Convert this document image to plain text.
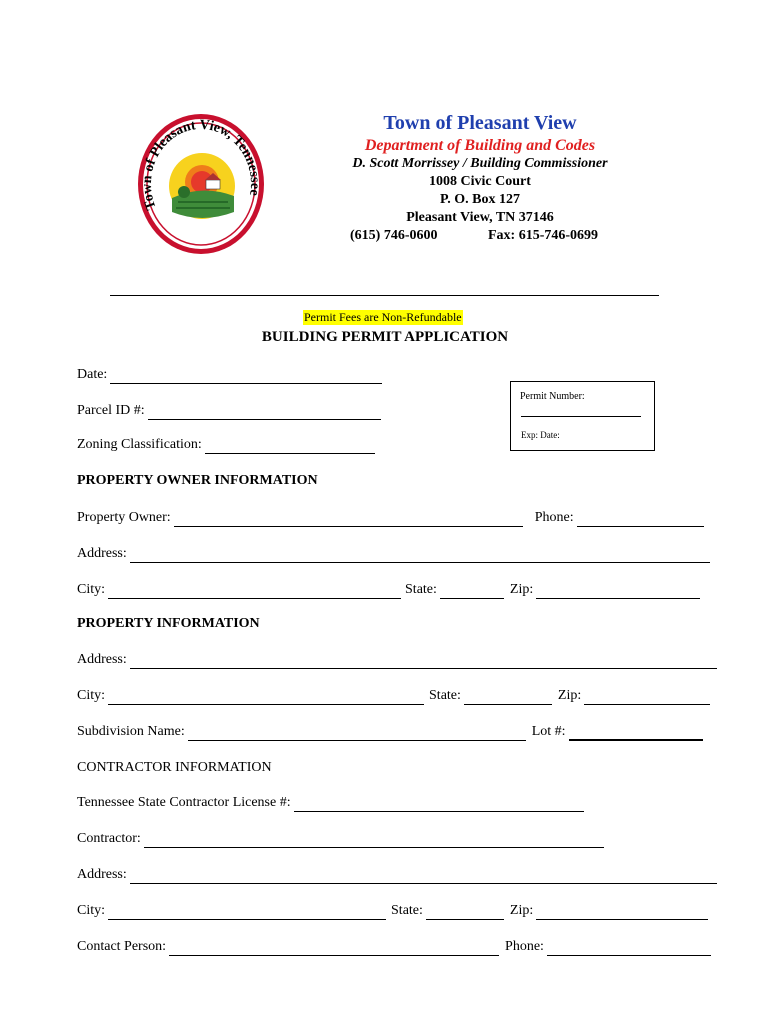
Town of Pleasant View, Tennessee
Town of Pleasant View
Department of Building and Codes
D. Scott Morrissey / Building Commissioner
1008 Civic Court
P. O. Box 127
Pleasant View, TN 37146
(615) 746-0600	Fax: 615-746-0699
Permit Fees are Non-Refundable
BUILDING PERMIT APPLICATION
Date:
Parcel ID #:
Zoning Classification:
Permit Number:
Exp: Date:
PROPERTY OWNER INFORMATION
Property Owner:	Phone:
Address:
City:	State:	Zip:
PROPERTY INFORMATION
Address:
City:	State:	Zip:
Subdivision Name:	Lot #:
CONTRACTOR INFORMATION
Tennessee State Contractor License #:
Contractor:
Address:
City:	State:	Zip:
Contact Person:	Phone:
